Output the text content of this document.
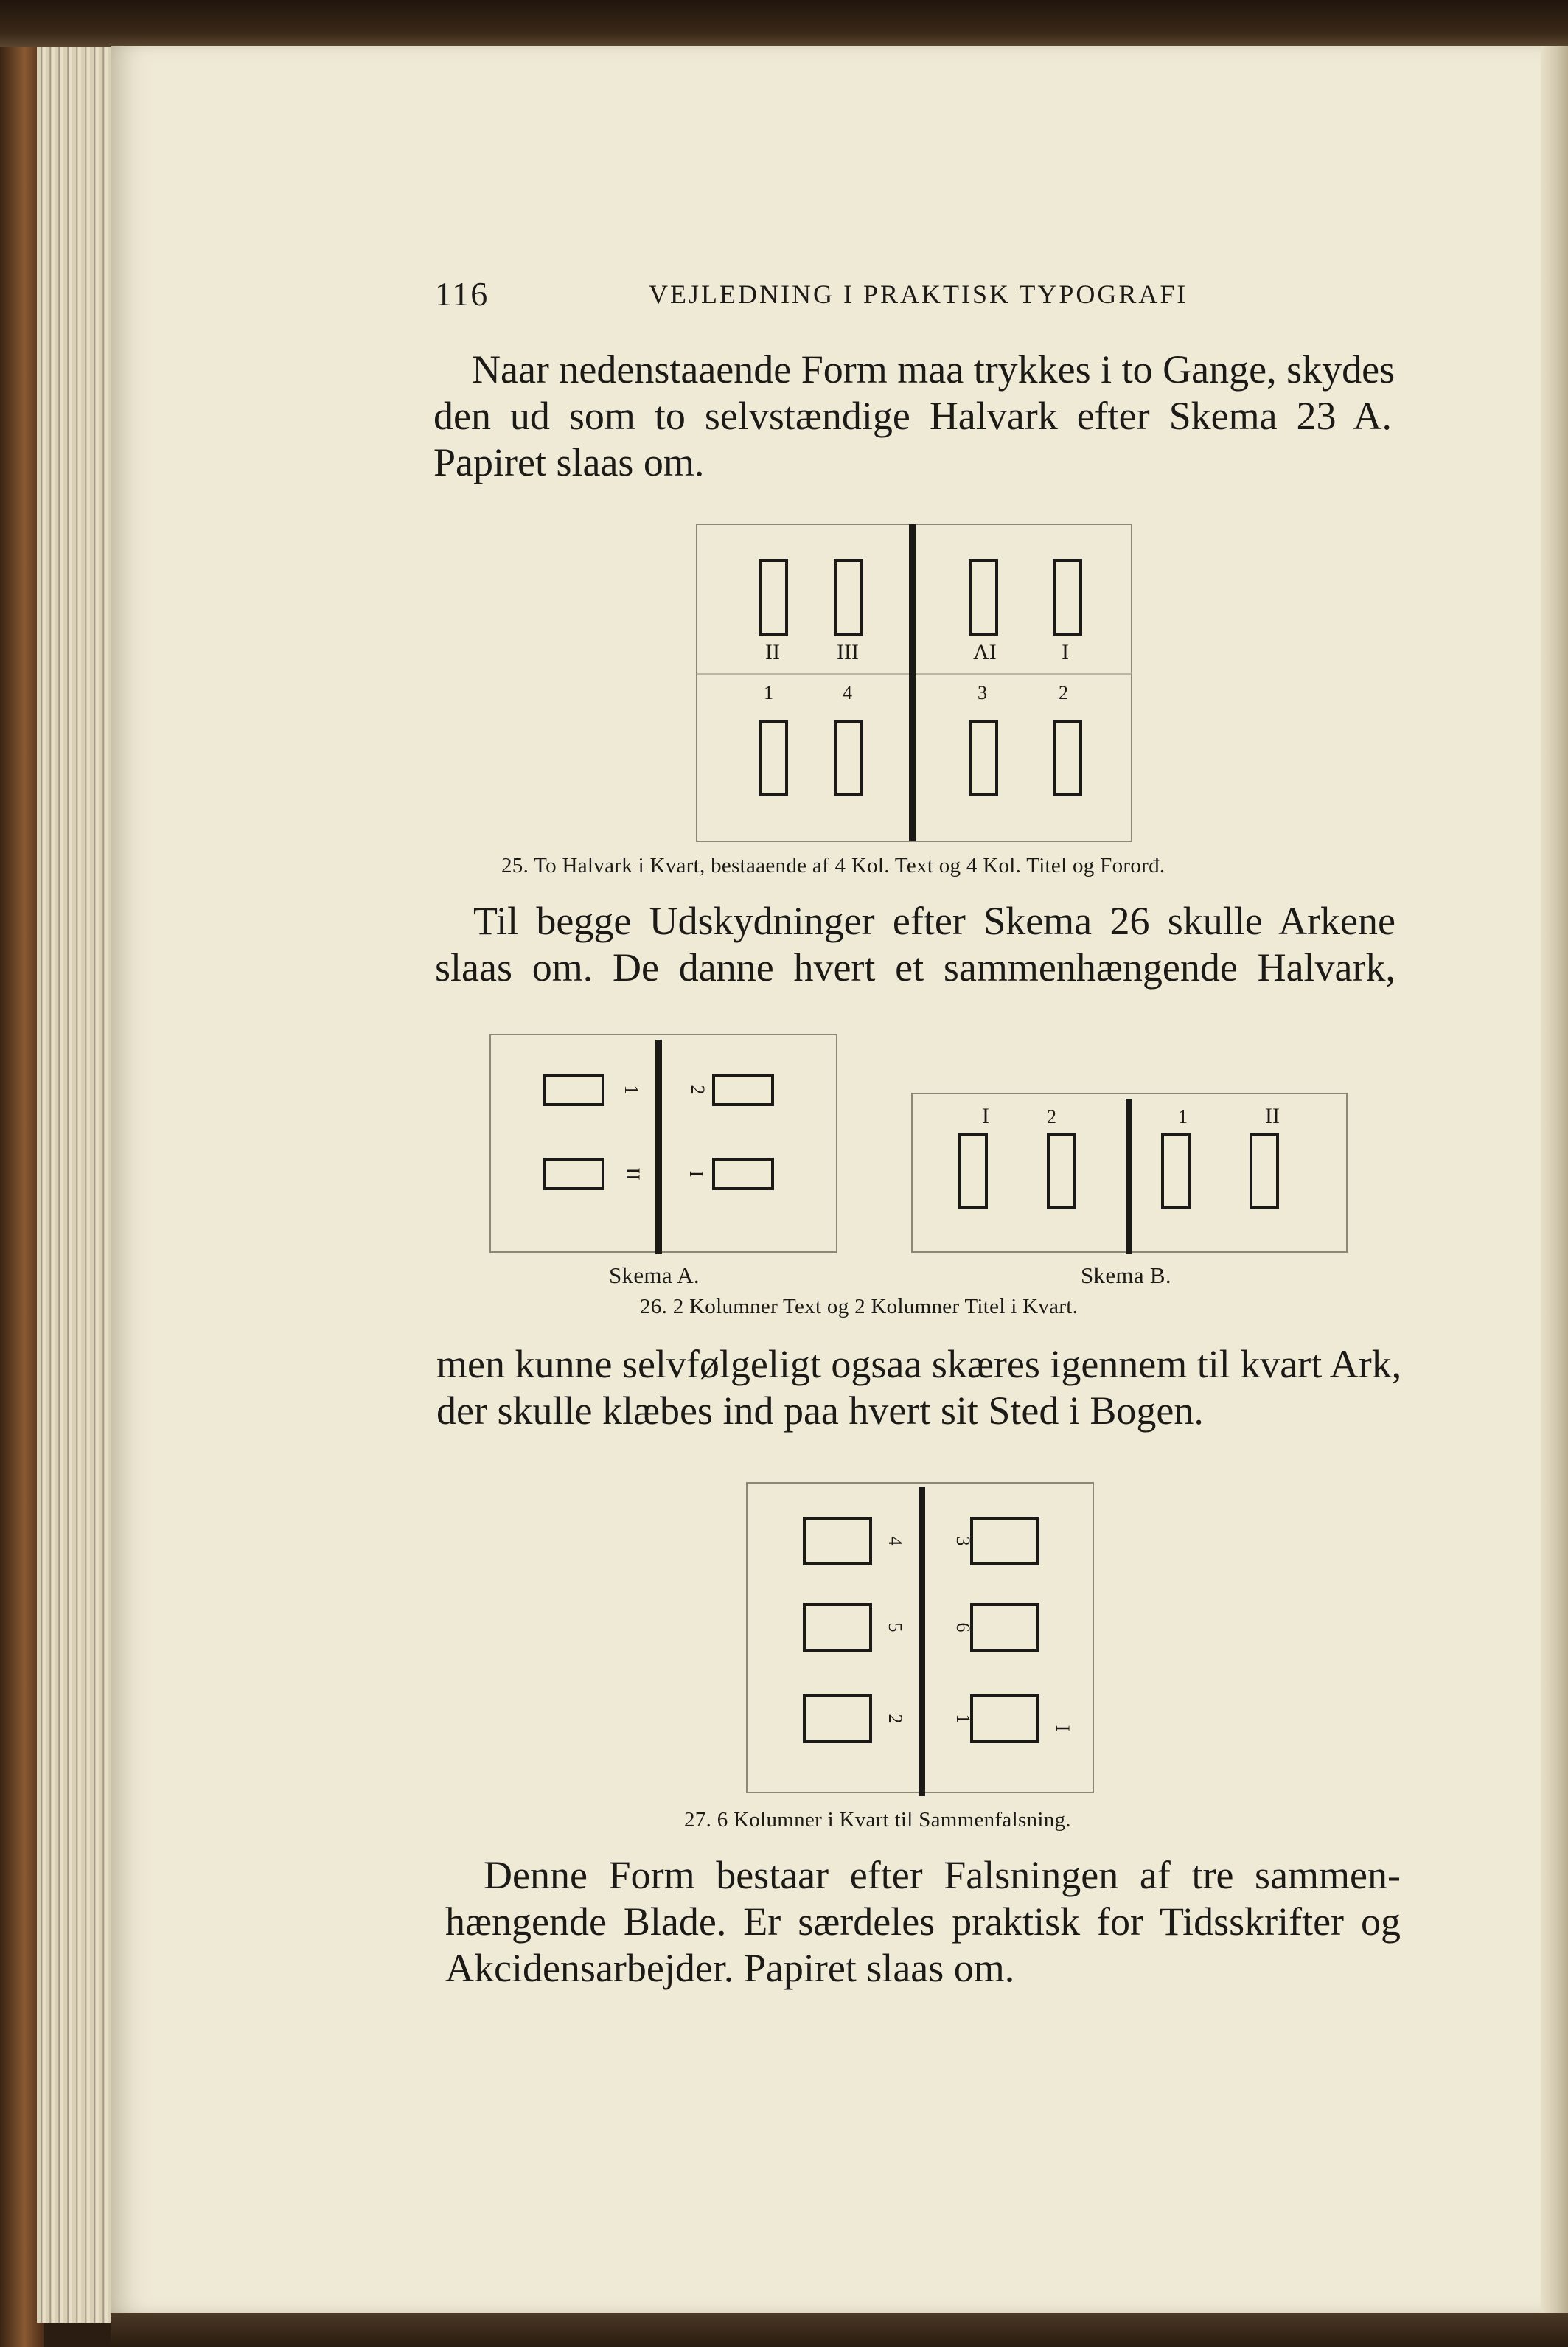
116	VEJLEDNING I PRAKTISK TYPOGRAFI
Naar nedenstaaende Form maa trykkes i to Gange, skydes
den ud som to selvstændige Halvark efter Skema 23 A.
Papiret slaas om.
II	III	ΛI	I
1	4	3	2
25. To Halvark i Kvart, bestaaende af 4 Kol. Text og 4 Kol. Titel og Fororđ.
Til begge Udskydninger efter Skema 26 skulle Arkene
slaas om. De danne hvert et sammenhængende Halvark,
1 2
II I
Skema A.
I	2	1	II
Skema B.
26. 2 Kolumner Text og 2 Kolumner Titel i Kvart.
men kunne selvfølgeligt ogsaa skæres igennem til kvart Ark,
der skulle klæbes ind paa hvert sit Sted i Bogen.
4 3
5 6
2 1
I
27. 6 Kolumner i Kvart til Sammenfalsning.
Denne Form bestaar efter Falsningen af tre sammen-
hængende Blade. Er særdeles praktisk for Tidsskrifter og
Akcidensarbejder. Papiret slaas om.
